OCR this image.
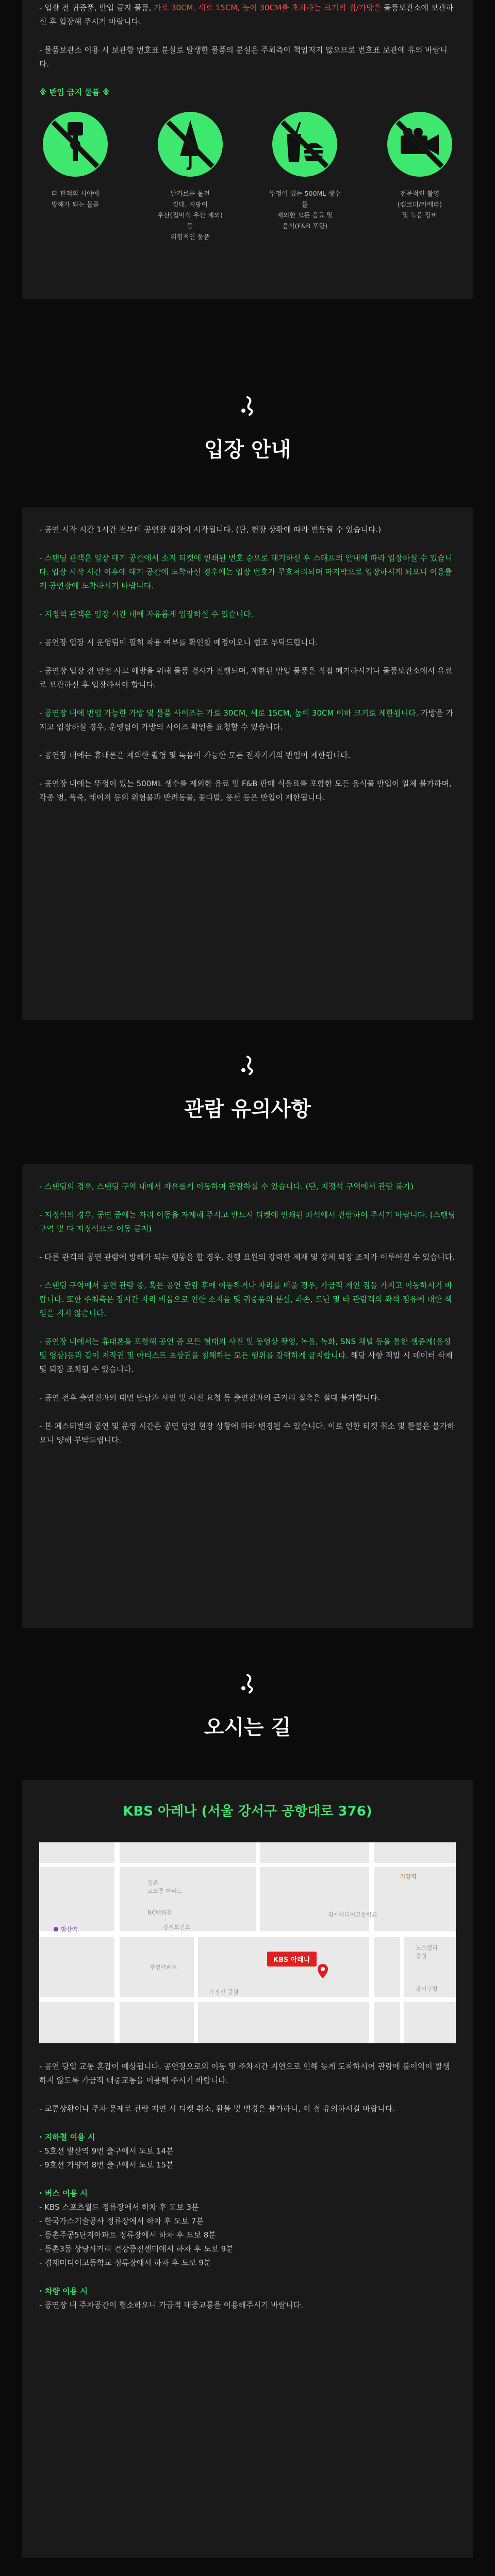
- 입장 전 귀중품, 반입 금지 물품, 가로 30CM, 세로 15CM, 높이 30CM를 초과하는 크기의 짐/가방은 물품보관소에 보관하신 후 입장해 주시기 바랍니다.

- 물품보관소 이용 시 보관함 번호표 분실로 발생한 물품의 분실은 주최측이 책임지지 않으므로 번호표 보관에 유의 바랍니다.

※ 반입 금지 물품 ※

타 관객의 시야에
방해가 되는 물품
날카로운 물건
깃대, 지팡이
우산(접이식 우산 제외) 등
위험적인 물품
뚜껑이 있는 500ML 생수를
제외한 모든 음료 및
음식(F&B 포함)
전문적인 촬영
(캠코더/카메라)
및 녹음 장비
입장 안내

- 공연 시작 시간 1시간 전부터 공연장 입장이 시작됩니다. (단, 현장 상황에 따라 변동될 수 있습니다.)

- 스탠딩 관객은 입장 대기 공간에서 소지 티켓에 인쇄된 번호 순으로 대기하신 후 스태프의 안내에 따라 입장하실 수 있습니다. 입장 시작 시간 이후에 대기 공간에 도착하신 경우에는 입장 번호가 무효처리되며 마지막으로 입장하시게 되오니 이용률게 공연장에 도착하시기 바랍니다.

- 지정석 관객은 입장 시간 내에 자유롭게 입장하실 수 있습니다.

- 공연장 입장 시 운영팀이 필히 착용 여부를 확인할 예정이오니 협조 부탁드립니다.

- 공연장 입장 전 안전 사고 예방을 위해 물품 검사가 진행되며, 제한된 반입 물품은 직접 폐기하시거나 물품보관소에서 유료로 보관하신 후 입장하셔야 합니다.

- 공연장 내에 반입 가능한 가방 및 물품 사이즈는 가로 30CM, 세로 15CM, 높이 30CM 이하 크기로 제한됩니다. 가방을 가지고 입장하실 경우, 운영팀이 가방의 사이즈 확인을 요청할 수 있습니다.

- 공연장 내에는 휴대폰을 제외한 촬영 및 녹음이 가능한 모든 전자기기의 반입이 제한됩니다.

- 공연장 내에는 뚜껑이 있는 500ML 생수를 제외한 음료 및 F&B 판매 식음료를 포함한 모든 음식물 반입이 일체 불가하며, 각종 병, 폭죽, 레이저 등의 위험물과 반려동물, 꽃다발, 풍선 등은 반입이 제한됩니다.

관람 유의사항

- 스탠딩의 경우, 스탠딩 구역 내에서 자유롭게 이동하며 관람하실 수 있습니다. (단, 지정석 구역에서 관람 불가)

- 지정석의 경우, 공연 중에는 자리 이동을 자제해 주시고 반드시 티켓에 인쇄된 좌석에서 관람하여 주시기 바랍니다. (스탠딩 구역 및 타 지정석으로 이동 금지)

- 다른 관객의 공연 관람에 방해가 되는 행동을 할 경우, 진행 요원의 강력한 제재 및 강제 퇴장 조치가 이루어질 수 있습니다.

- 스탠딩 구역에서 공연 관람 중, 혹은 공연 관람 후에 이동하거나 자리를 비울 경우, 가급적 개인 짐을 가지고 이동하시기 바랍니다. 또한 주최측은 장시간 자리 비움으로 인한 소지품 및 귀중품의 분실, 파손, 도난 및 타 관람객의 좌석 점유에 대한 책임을 지지 않습니다.

- 공연장 내에서는 휴대폰을 포함해 공연 중 모든 형태의 사진 및 동영상 촬영, 녹음, 녹화, SNS 채널 등을 통한 생중계(음성 및 영상)등과 같이 저작권 및 아티스트 초상권을 침해하는 모든 행위를 강력하게 금지합니다. 해당 사항 적발 시 데이터 삭제 및 퇴장 조치될 수 있습니다.

- 공연 전후 출연진과의 대면 만남과 사인 및 사진 요청 등 출연진과의 근거리 접촉은 절대 불가합니다.

- 본 페스티벌의 공연 및 운영 시간은 공연 당일 현장 상황에 따라 변경될 수 있습니다. 이로 인한 티켓 취소 및 환불은 불가하오니 양해 부탁드립니다.

오시는 길
KBS 아레나 (서울 강서구 공항대로 376)
등촌
코오롱 아파트
NC백화점
강서보건소
가양역
부영아파트
겸재미디어고등학교
노스밸리
공원
강서구청
우장산 공원
발산역
KBS 아레나

- 공연 당일 교통 혼잡이 예상됩니다. 공연장으로의 이동 및 주차시간 지연으로 인해 늦게 도착하시어 관람에 불이익이 발생하지 않도록 가급적 대중교통을 이용해 주시기 바랍니다.

- 교통상황이나 주차 문제로 관람 지연 시 티켓 취소, 환불 및 변경은 불가하니, 이 점 유의하시길 바랍니다.

· 지하철 이용 시
- 5호선 발산역 9번 출구에서 도보 14분
- 9호선 가양역 8번 출구에서 도보 15분
· 버스 이용 시
- KBS 스포츠월드 정류장에서 하차 후 도보 3분
- 한국가스기술공사 정류장에서 하차 후 도보 7분
- 등촌주공5단지아파트 정류장에서 하차 후 도보 8분
- 등촌3동 상당사거리 건강증진센터에서 하차 후 도보 9분
- 겸재미디어고등학교 정류장에서 하차 후 도보 9분
· 차량 이용 시
- 공연장 내 주차공간이 협소하오니 가급적 대중교통을 이용해주시기 바랍니다.
